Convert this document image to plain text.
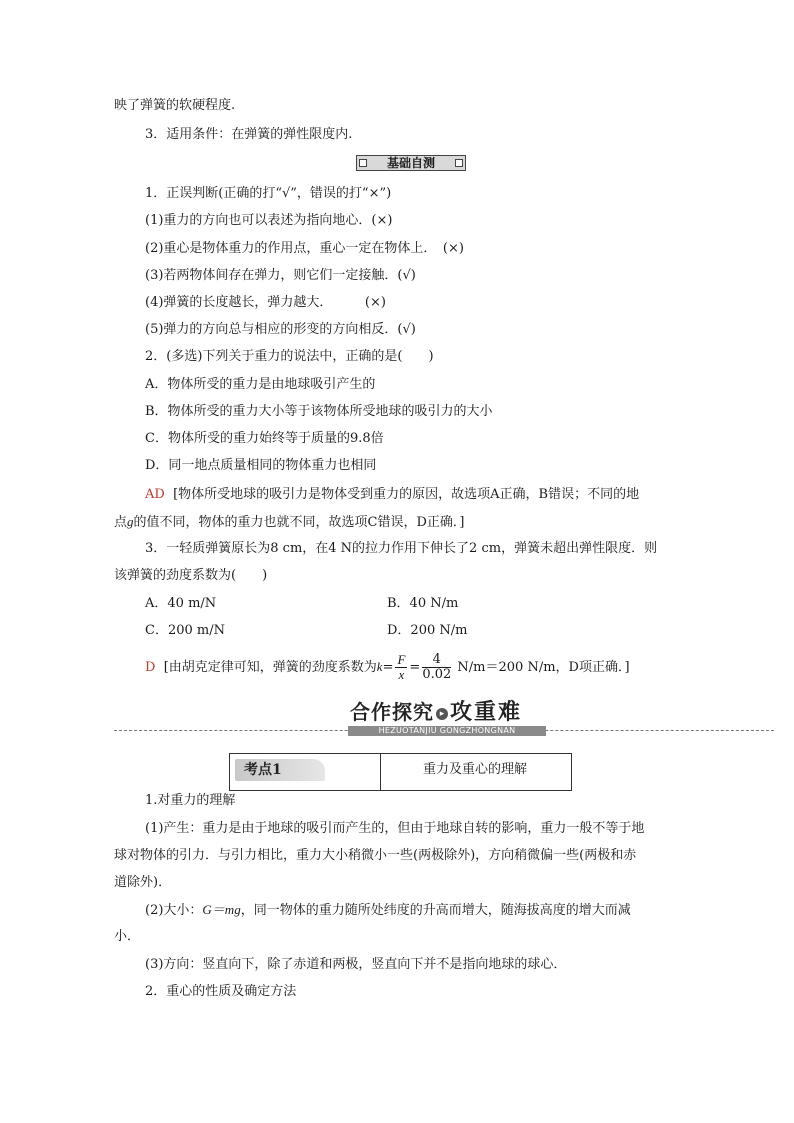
映了弹簧的软硬程度.
3．适用条件：在弹簧的弹性限度内.
基础自测
1．正误判断(正确的打“√”，错误的打“×”)
(1)重力的方向也可以表述为指向地心．(×)
(2)重心是物体重力的作用点，重心一定在物体上．　(×)
(3)若两物体间存在弹力，则它们一定接触．(√)
(4)弹簧的长度越长，弹力越大．　　　(×)
(5)弹力的方向总与相应的形变的方向相反．(√)
2．(多选)下列关于重力的说法中，正确的是(　　)
A．物体所受的重力是由地球吸引产生的
B．物体所受的重力大小等于该物体所受地球的吸引力的大小
C．物体所受的重力始终等于质量的9.8倍
D．同一地点质量相同的物体重力也相同
AD [物体所受地球的吸引力是物体受到重力的原因，故选项A正确，B错误；不同的地
点g的值不同，物体的重力也就不同，故选项C错误，D正确．]
3．一轻质弹簧原长为8 cm，在4 N的拉力作用下伸长了2 cm，弹簧未超出弹性限度．则
该弹簧的劲度系数为(　　)
A．40 m/N	B．40 N/m
C．200 m/N	D．200 N/m
D [由胡克定律可知，弹簧的劲度系数为$k= \frac{F}{x} = \frac{4}{0.02} N/m=200$ N/m，D项正确．]
合作探究 ▸ 攻重难
HEZUOTANJIU GONGZHONGNAN
考点1	重力及重心的理解
1.对重力的理解
(1)产生：重力是由于地球的吸引而产生的，但由于地球自转的影响，重力一般不等于地
球对物体的引力．与引力相比，重力大小稍微小一些(两极除外)，方向稍微偏一些(两极和赤
道除外)．
(2)大小：G＝mg，同一物体的重力随所处纬度的升高而增大，随海拔高度的增大而减
小．
(3)方向：竖直向下，除了赤道和两极，竖直向下并不是指向地球的球心．
2．重心的性质及确定方法
